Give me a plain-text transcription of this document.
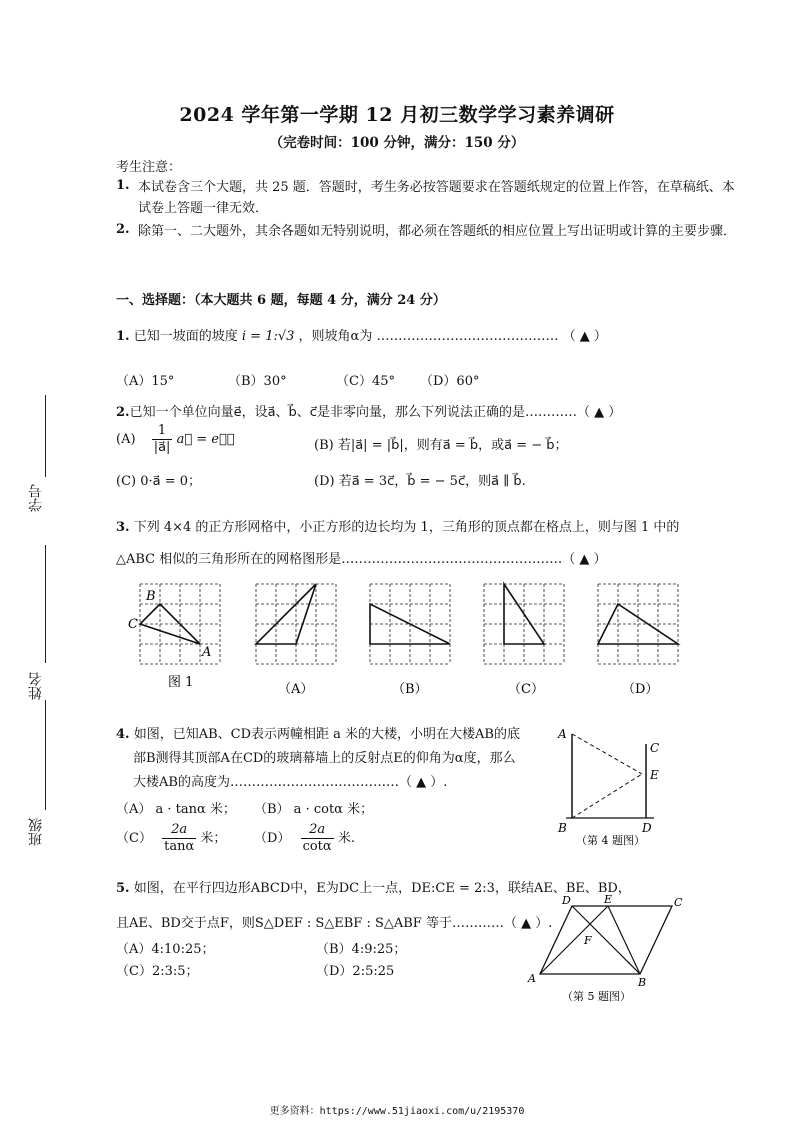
2024 学年第一学期 12 月初三数学学习素养调研
（完卷时间：100 分钟，满分：150 分）
考生注意：
1. 本试卷含三个大题，共 25 题．答题时，考生务必按答题要求在答题纸规定的位置上作答，在草稿纸、本试卷上答题一律无效．
2. 除第一、二大题外，其余各题如无特别说明，都必须在答题纸的相应位置上写出证明或计算的主要步骤．
一、选择题：（本大题共 6 题，每题 4 分，满分 24 分）
1. 已知一坡面的坡度 i = 1:√3 ，则坡角α为 …………………………………… （ ▲ ）
（A）15°	（B）30°	（C）45° （D）60°
2.已知一个单位向量e⃗，设a⃗、b⃗、c⃗是非零向量，那么下列说法正确的是…………（ ▲ ）
$(A) \frac{1}{|a⃗|}$ a⃗ = e⃗；	(B) 若|a⃗| = |b⃗|，则有a⃗ = b⃗，或a⃗ = − b⃗；
(C) 0·a⃗ = 0；	(D) 若a⃗ = 3c⃗，b⃗ = − 5c⃗，则a⃗ ∥ b⃗.
3. 下列 4×4 的正方形网格中，小正方形的边长均为 1，三角形的顶点都在格点上，则与图 1 中的
△ABC 相似的三角形所在的网格图形是……………………………………………（ ▲ ）
B
C
A
图 1	（A）	（B）	（C）	（D）
4. 如图，已知AB、CD表示两幢相距 a 米的大楼，小明在大楼AB的底
部B测得其顶部A在CD的玻璃幕墙上的反射点E的仰角为α度，那么
大楼AB的高度为…………………………………（ ▲ ）.
（A） a · tanα 米； （B） a · cotα 米；
$(C) \frac{2a}{\tan\alpha}$ 米； $(D) \frac{2a}{\cot\alpha}$ 米.
A
C
E
B	D
（第 4 题图）
5. 如图，在平行四边形ABCD中，E为DC上一点，DE:CE = 2:3，联结AE、BE、BD，
且AE、BD交于点F，则S△DEF : S△EBF : S△ABF 等于…………（ ▲ ）.
（A）4:10:25；	（B）4:9:25；
（C）2:3:5；	（D）2:5:25
D	E	C
F
A	B
（第 5 题图）
学号
姓名
班级
更多资料：https://www.51jiaoxi.com/u/2195370
